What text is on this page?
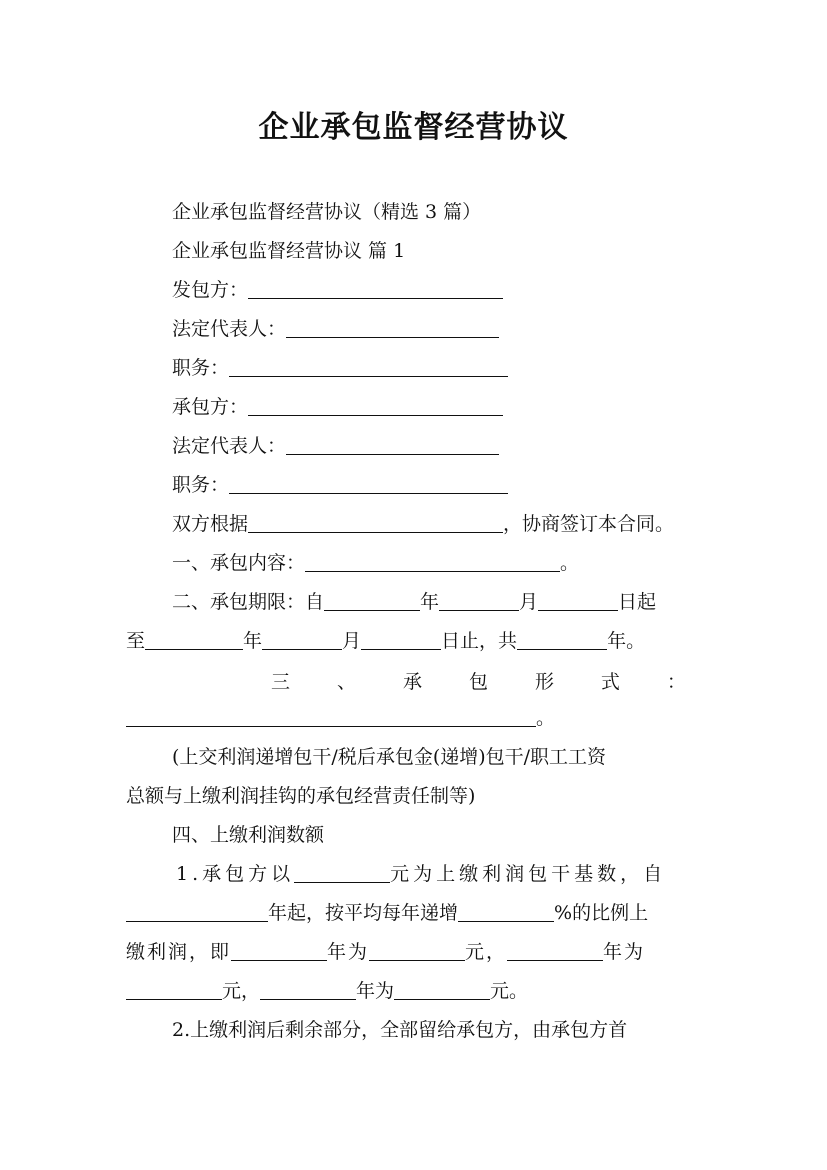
企业承包监督经营协议
企业承包监督经营协议（精选 3 篇）
企业承包监督经营协议 篇 1
发包方：
法定代表人：
职务：
承包方：
法定代表人：
职务：
双方根据	，协商签订本合同。
一、承包内容：	。
二、承包期限：自	年	月	日起
至	年	月	日止，共	年。
三 、 承 包 形 式 ：
。
(上交利润递增包干/税后承包金(递增)包干/职工工资
总额与上缴利润挂钩的承包经营责任制等)
四、上缴利润数额
1.承包方以	元为上缴利润包干基数，自
年起，按平均每年递增	%的比例上
缴利润，即	年为	元，	年为
元，	年为	元。
2.上缴利润后剩余部分，全部留给承包方，由承包方首
